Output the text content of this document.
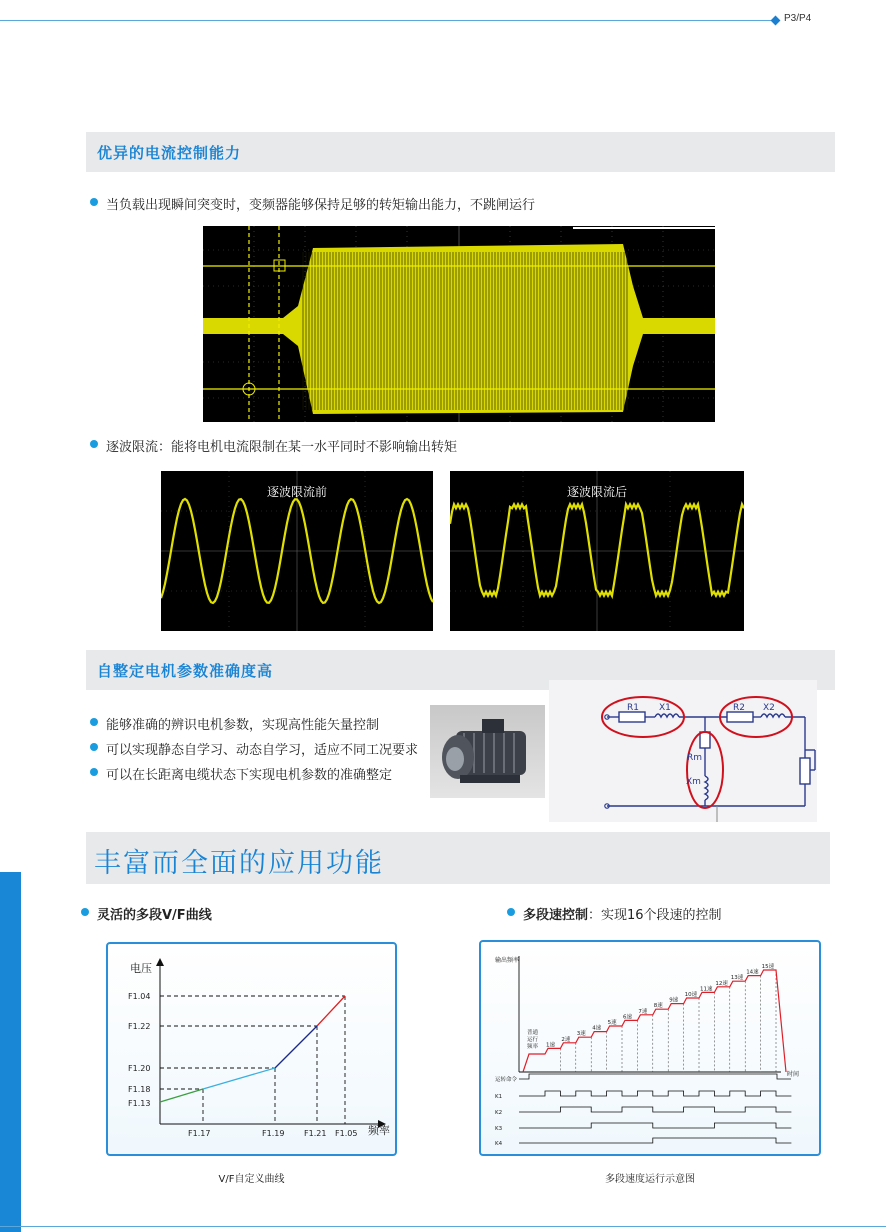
P3/P4
优异的电流控制能力
当负载出现瞬间突变时，变频器能够保持足够的转矩输出能力，不跳闸运行
逐波限流：能将电机电流限制在某一水平同时不影响输出转矩
逐波限流前	逐波限流后
自整定电机参数准确度高
能够准确的辨识电机参数，实现高性能矢量控制
可以实现静态自学习、动态自学习，适应不同工况要求
可以在长距离电缆状态下实现电机参数的准确整定
R1 X1	R2 X2
Rm
Xm
丰富而全面的应用功能
灵活的多段V/F曲线	多段速控制：实现16个段速的控制
电压
频率
F1.04
F1.22
F1.20
F1.18
F1.13
F1.17	F1.19 F1.21 F1.05
V/F自定义曲线
输出频率
时间
普通
运行
频率 1速
2速
3速
4速
5速
6速
7速
8速
9速
10速
11速
12速
13速
14速
15速
运转命令
K1
K2
K3
K4
多段速度运行示意图
